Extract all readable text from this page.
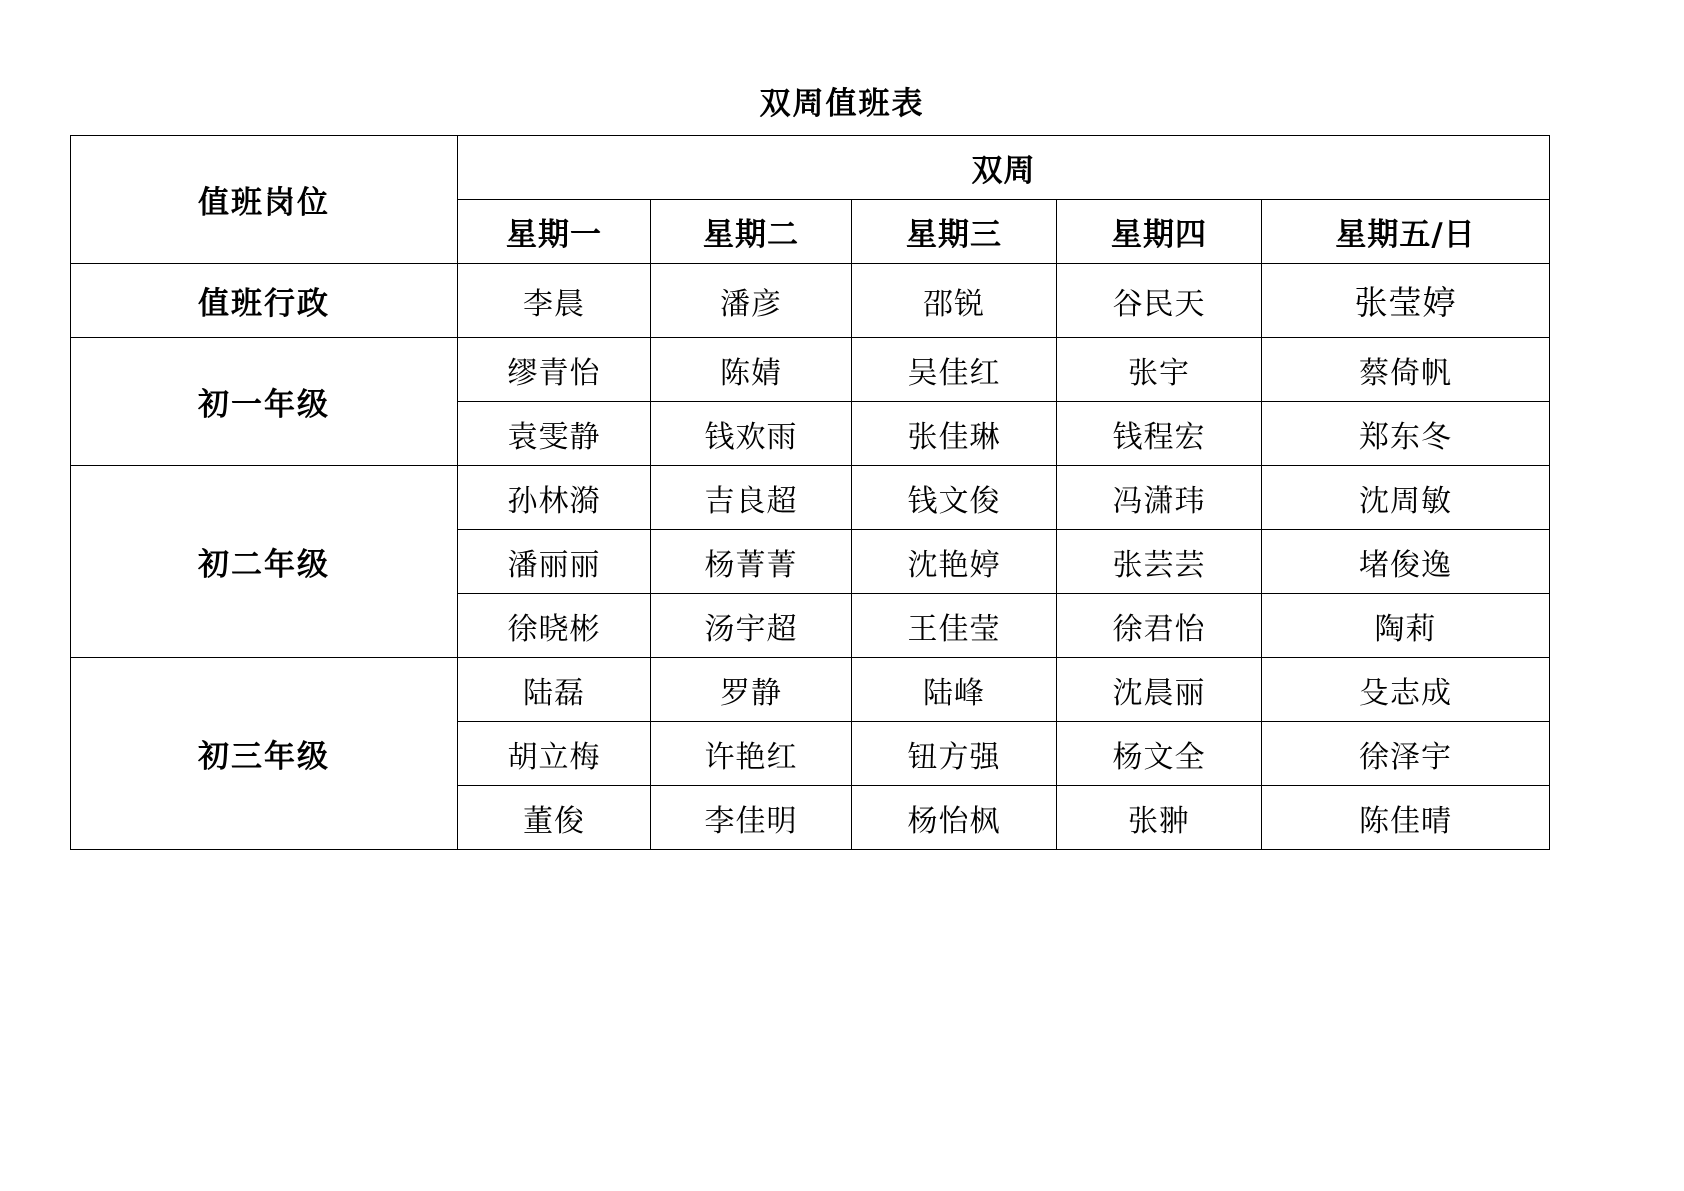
双周值班表
值班岗位	双周				
	星期一	星期二	星期三	星期四	星期五/日
值班行政	李晨	潘彦	邵锐	谷民天	张莹婷
初一年级	缪青怡	陈婧	吴佳红	张宇	蔡倚帆
	袁雯静	钱欢雨	张佳琳	钱程宏	郑东冬
初二年级	孙林漪	吉良超	钱文俊	冯潇玮	沈周敏
	潘丽丽	杨菁菁	沈艳婷	张芸芸	堵俊逸
	徐晓彬	汤宇超	王佳莹	徐君怡	陶莉
初三年级	陆磊	罗静	陆峰	沈晨丽	殳志成
	胡立梅	许艳红	钮方强	杨文全	徐泽宇
	董俊	李佳明	杨怡枫	张翀	陈佳晴
